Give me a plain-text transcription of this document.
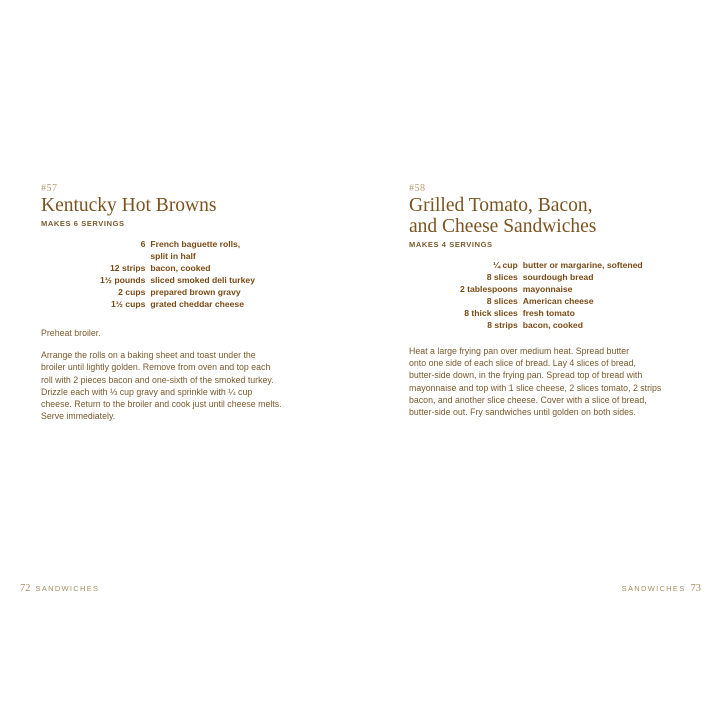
#57
Kentucky Hot Browns
MAKES 6 SERVINGS
6 French baguette rolls,
split in half
12 strips bacon, cooked
1½ pounds sliced smoked deli turkey
2 cups prepared brown gravy
1½ cups grated cheddar cheese
Preheat broiler.
Arrange the rolls on a baking sheet and toast under the
broiler until lightly golden. Remove from oven and top each
roll with 2 pieces bacon and one-sixth of the smoked turkey.
Drizzle each with ⅓ cup gravy and sprinkle with ¼ cup
cheese. Return to the broiler and cook just until cheese melts.
Serve immediately.
72 SANDWICHES
#58
Grilled Tomato, Bacon,
and Cheese Sandwiches
MAKES 4 SERVINGS
¼ cup butter or margarine, softened
8 slices sourdough bread
2 tablespoons mayonnaise
8 slices American cheese
8 thick slices fresh tomato
8 strips bacon, cooked
Heat a large frying pan over medium heat. Spread butter
onto one side of each slice of bread. Lay 4 slices of bread,
butter-side down, in the frying pan. Spread top of bread with
mayonnaise and top with 1 slice cheese, 2 slices tomato, 2 strips
bacon, and another slice cheese. Cover with a slice of bread,
butter-side out. Fry sandwiches until golden on both sides.
SANDWICHES 73
